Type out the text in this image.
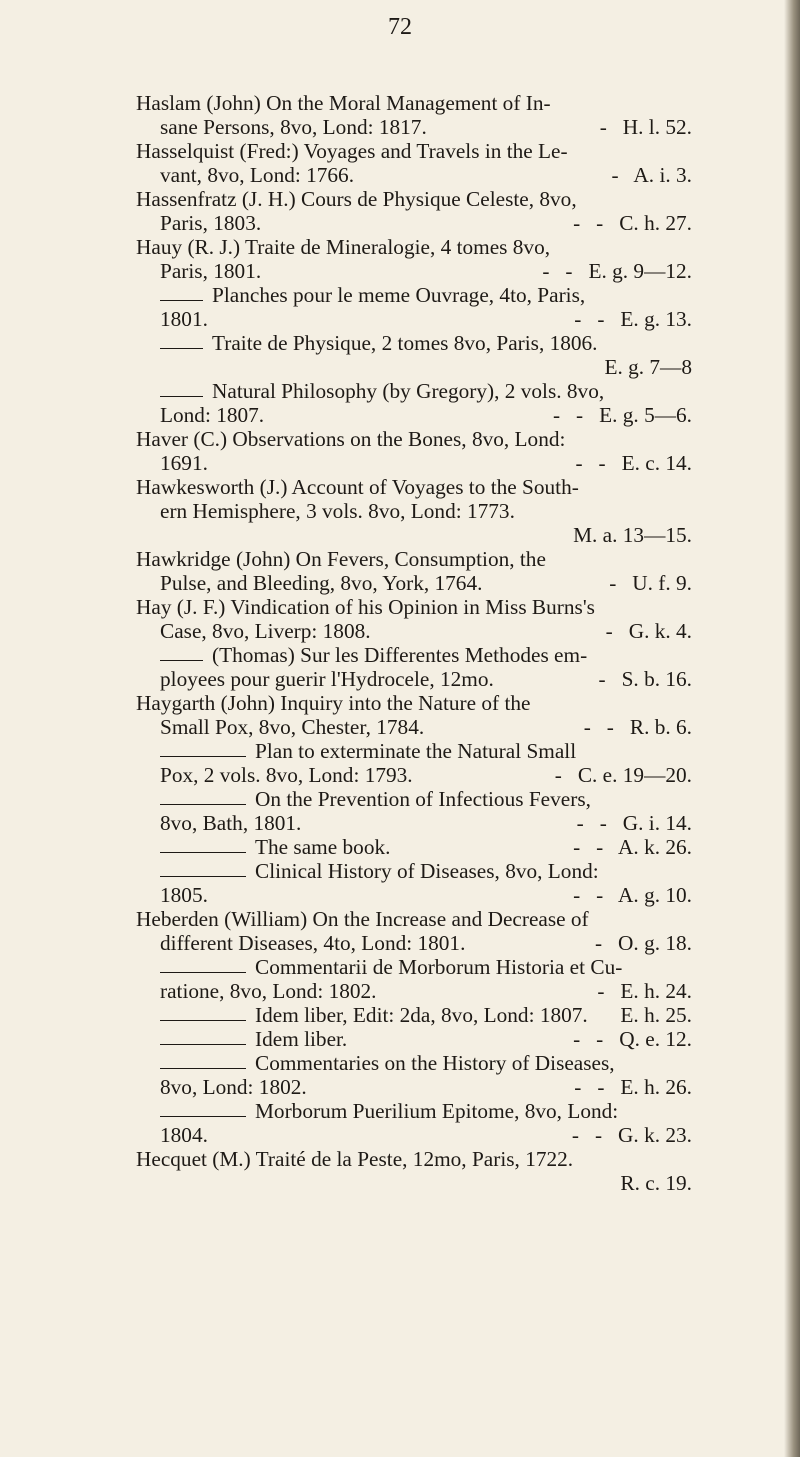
72
Haslam (John) On the Moral Management of In-
sane Persons, 8vo, Lond: 1817.	-   H. l. 52.
Hasselquist (Fred:) Voyages and Travels in the Le-
vant, 8vo, Lond: 1766.	-   A. i. 3.
Hassenfratz (J. H.) Cours de Physique Celeste, 8vo,
Paris, 1803.	-   -   C. h. 27.
Hauy (R. J.) Traite de Mineralogie, 4 tomes 8vo,
Paris, 1801.	-   -   E. g. 9—12.
Planches pour le meme Ouvrage, 4to, Paris,
1801.	-   -   E. g. 13.
Traite de Physique, 2 tomes 8vo, Paris, 1806.
E. g. 7—8
Natural Philosophy (by Gregory), 2 vols. 8vo,
Lond: 1807.	-   -   E. g. 5—6.
Haver (C.) Observations on the Bones, 8vo, Lond:
1691.	-   -   E. c. 14.
Hawkesworth (J.) Account of Voyages to the South-
ern Hemisphere, 3 vols. 8vo, Lond: 1773.
M. a. 13—15.
Hawkridge (John) On Fevers, Consumption, the
Pulse, and Bleeding, 8vo, York, 1764.	-   U. f. 9.
Hay (J. F.) Vindication of his Opinion in Miss Burns's
Case, 8vo, Liverp: 1808.	-   G. k. 4.
(Thomas) Sur les Differentes Methodes em-
ployees pour guerir l'Hydrocele, 12mo.	-   S. b. 16.
Haygarth (John) Inquiry into the Nature of the
Small Pox, 8vo, Chester, 1784.	-   -   R. b. 6.
Plan to exterminate the Natural Small
Pox, 2 vols. 8vo, Lond: 1793.	-   C. e. 19—20.
On the Prevention of Infectious Fevers,
8vo, Bath, 1801.	-   -   G. i. 14.
The same book.	-   -   A. k. 26.
Clinical History of Diseases, 8vo, Lond:
1805.	-   -   A. g. 10.
Heberden (William) On the Increase and Decrease of
different Diseases, 4to, Lond: 1801.	-   O. g. 18.
Commentarii de Morborum Historia et Cu-
ratione, 8vo, Lond: 1802.	-   E. h. 24.
Idem liber, Edit: 2da, 8vo, Lond: 1807. E. h. 25.
Idem liber.	-   -   Q. e. 12.
Commentaries on the History of Diseases,
8vo, Lond: 1802.	-   -   E. h. 26.
Morborum Puerilium Epitome, 8vo, Lond:
1804.	-   -   G. k. 23.
Hecquet (M.) Traité de la Peste, 12mo, Paris, 1722.
R. c. 19.
